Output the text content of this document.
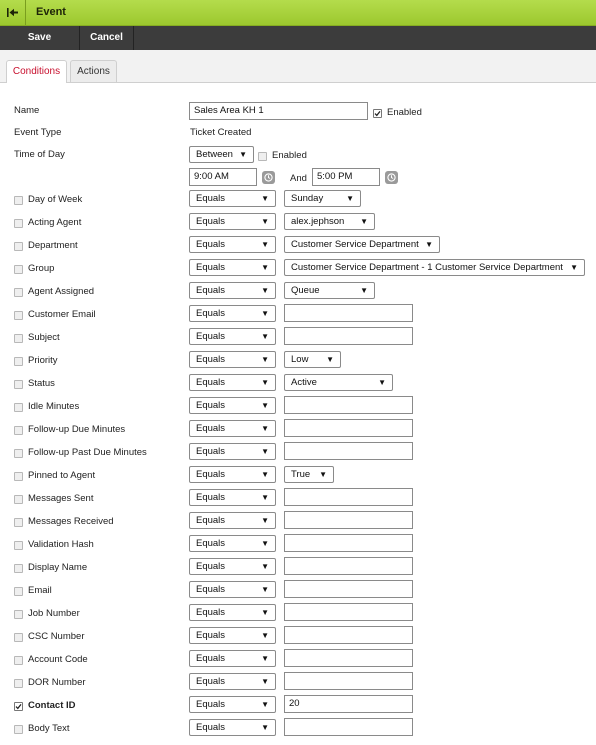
Event
Save	Cancel
Conditions	Actions
Name	Sales Area KH 1	Enabled
Event Type	Ticket Created
Time of Day	Between ▼	Enabled
9:00 AM	And	5:00 PM
Day of Week	Equals	▼	Sunday	▼
Acting Agent	Equals	▼	alex.jephson ▼
Department	Equals	▼	Customer Service Department ▼
Group	Equals	▼	Customer Service Department - 1 Customer Service Department ▼
Agent Assigned	Equals	▼	Queue	▼
Customer Email	Equals	▼
Subject	Equals	▼
Priority	Equals	▼	Low ▼
Status	Equals	▼	Active	▼
Idle Minutes	Equals	▼
Follow-up Due Minutes	Equals	▼
Follow-up Past Due Minutes	Equals	▼
Pinned to Agent	Equals	▼	True ▼
Messages Sent	Equals	▼
Messages Received	Equals	▼
Validation Hash	Equals	▼
Display Name	Equals	▼
Email	Equals	▼
Job Number	Equals	▼
CSC Number	Equals	▼
Account Code	Equals	▼
DOR Number	Equals	▼
Contact ID	Equals	▼	20
Body Text	Equals	▼
